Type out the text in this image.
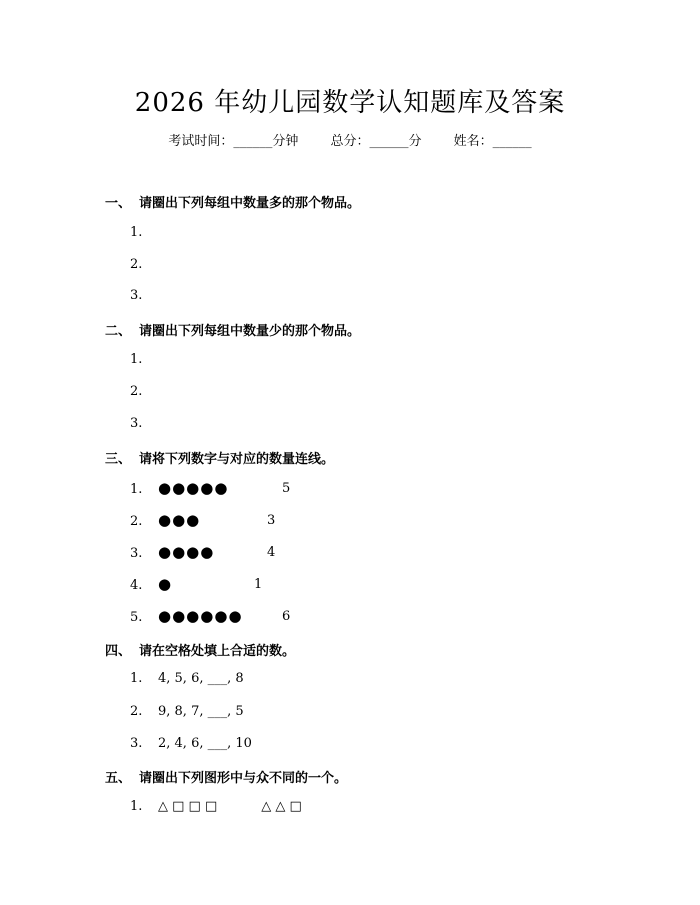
2026 年幼儿园数学认知题库及答案
考试时间：______分钟 总分：______分 姓名：______
一、 请圈出下列每组中数量多的那个物品。
1.
2.
3.
二、 请圈出下列每组中数量少的那个物品。
1.
2.
3.
三、 请将下列数字与对应的数量连线。
1. ●●●●●	5
2. ●●●	3
3. ●●●●	4
4. ●	1
5. ●●●●●●	6
四、 请在空格处填上合适的数。
1. 4, 5, 6, ___, 8
2. 9, 8, 7, ___, 5
3. 2, 4, 6, ___, 10
五、 请圈出下列图形中与众不同的一个。
1. △ □ □ □	△ △ □
